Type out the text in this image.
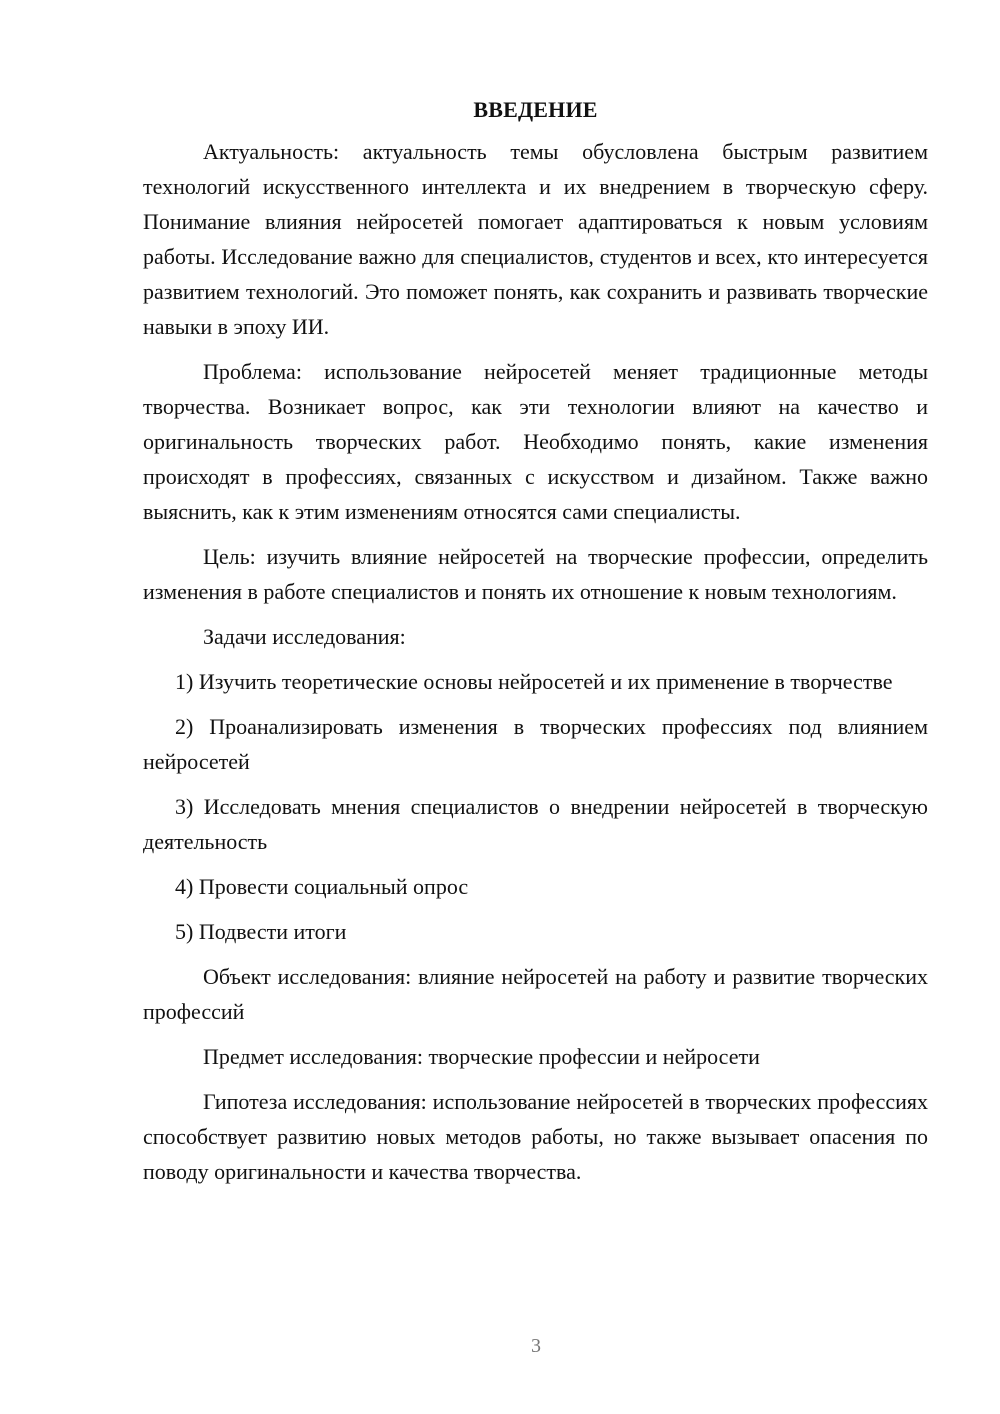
ВВЕДЕНИЕ

Актуальность: актуальность темы обусловлена быстрым развитием технологий искусственного интеллекта и их внедрением в творческую сферу. Понимание влияния нейросетей помогает адаптироваться к новым условиям работы. Исследование важно для специалистов, студентов и всех, кто интересуется развитием технологий. Это поможет понять, как сохранить и развивать творческие навыки в эпоху ИИ.

Проблема: использование нейросетей меняет традиционные методы творчества. Возникает вопрос, как эти технологии влияют на качество и оригинальность творческих работ. Необходимо понять, какие изменения происходят в профессиях, связанных с искусством и дизайном. Также важно выяснить, как к этим изменениям относятся сами специалисты.

Цель: изучить влияние нейросетей на творческие профессии, определить изменения в работе специалистов и понять их отношение к новым технологиям.

Задачи исследования:

1) Изучить теоретические основы нейросетей и их применение в творчестве

2) Проанализировать изменения в творческих профессиях под влиянием нейросетей

3) Исследовать мнения специалистов о внедрении нейросетей в творческую деятельность

4) Провести социальный опрос

5) Подвести итоги

Объект исследования: влияние нейросетей на работу и развитие творческих профессий

Предмет исследования: творческие профессии и нейросети

Гипотеза исследования: использование нейросетей в творческих профессиях способствует развитию новых методов работы, но также вызывает опасения по поводу оригинальности и качества творчества.

3
